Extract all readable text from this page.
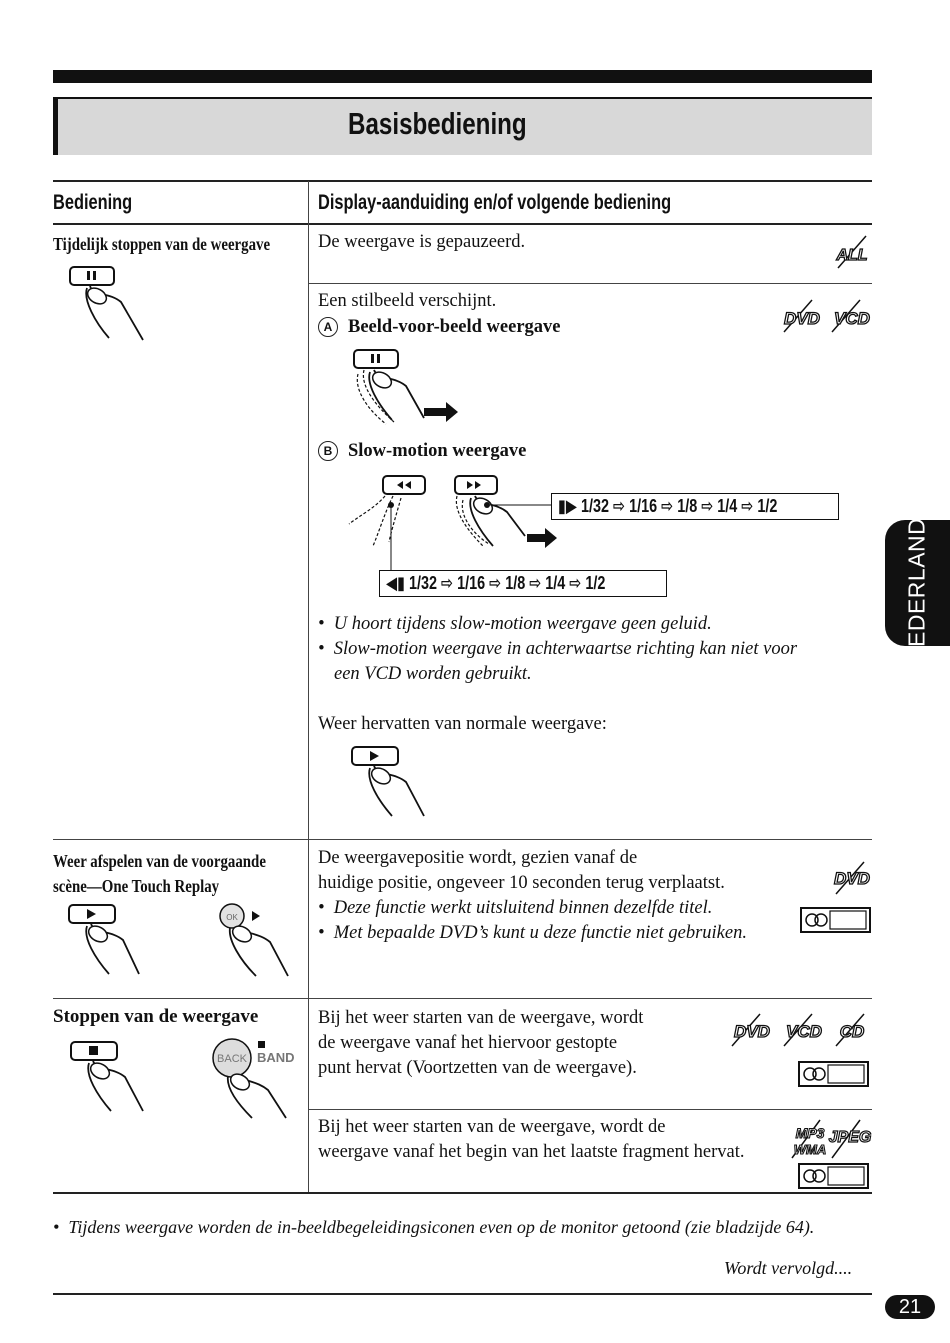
Basisbediening
Bediening	Display-aanduiding en/of volgende bediening
Tijdelijk stoppen van de weergave	De weergave is gepauzeerd.
ALL
Een stilbeeld verschijnt.
DVD VCD
A Beeld-voor-beeld weergave
B Slow-motion weergave
▮▶ 1/32 ⇨ 1/16 ⇨ 1/8 ⇨ 1/4 ⇨ 1/2
◀▮ 1/32 ⇨ 1/16 ⇨ 1/8 ⇨ 1/4 ⇨ 1/2
•  U hoort tijdens slow-motion weergave geen geluid.
•  Slow-motion weergave in achterwaartse richting kan niet voor
een VCD worden gebruikt.
Weer hervatten van normale weergave:
Weer afspelen van de voorgaande
scène—One Touch Replay
OK
De weergavepositie wordt, gezien vanaf de
huidige positie, ongeveer 10 seconden terug verplaatst.
•  Deze functie werkt uitsluitend binnen dezelfde titel.
•  Met bepaalde DVD’s kunt u deze functie niet gebruiken.
DVD
Stoppen van de weergave
BACK BAND
Bij het weer starten van de weergave, wordt
de weergave vanaf het hiervoor gestopte
punt hervat (Voortzetten van de weergave).
DVD VCD CD
Bij het weer starten van de weergave, wordt de
weergave vanaf het begin van het laatste fragment hervat.
MP3
WMA
JPEG
•  Tijdens weergave worden de in-beeldbegeleidingsiconen even op de monitor getoond (zie bladzijde 64).
Wordt vervolgd....
NEDERLANDS
21
